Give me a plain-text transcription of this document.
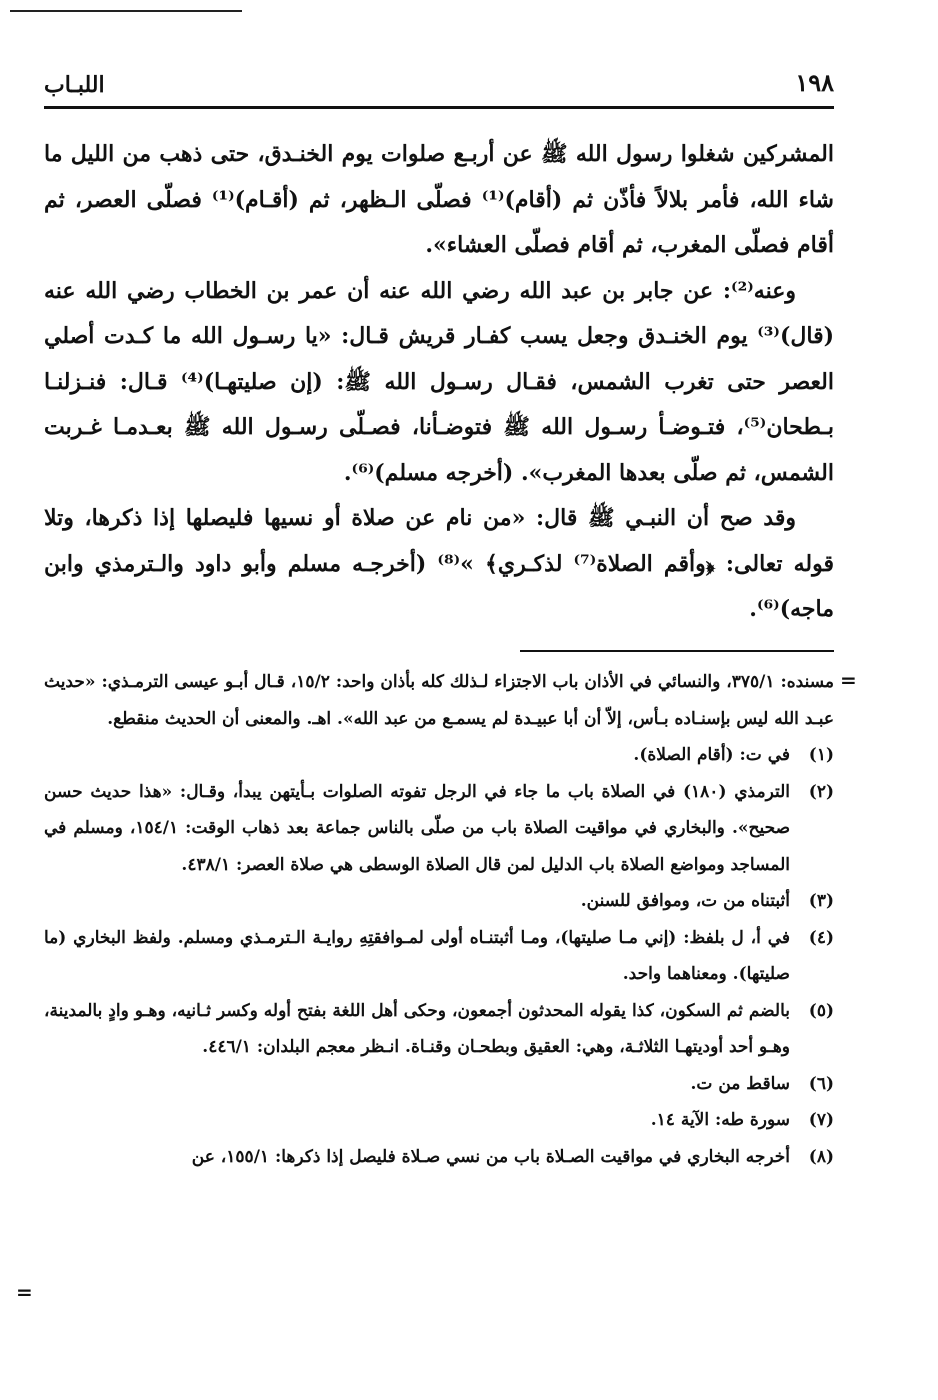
١٩٨
اللبـاب

المشركين شغلوا رسول الله ﷺ عن أربـع صلوات يوم الخنـدق، حتى ذهب من الليل ما شاء الله، فأمر بلالاً فأذّن ثم (أقام)⁽¹⁾ فصلّى الـظهر، ثم (أقـام)⁽¹⁾ فصلّى العصر، ثم أقام فصلّى المغرب، ثم أقام فصلّى العشاء».

وعنه⁽²⁾: عن جابر بن عبد الله رضي الله عنه أن عمر بن الخطاب رضي الله عنه (قال)⁽³⁾ يوم الخنـدق وجعل يسب كفـار قريش قـال: «يا رسـول الله ما كـدت أصلي العصر حتى تغرب الشمس، فقـال رسـول الله ﷺ: (إن صليتهـا)⁽⁴⁾ قـال: فنـزلنـا بـطحان⁽⁵⁾، فتـوضـأ رسـول الله ﷺ فتوضـأنا، فصـلّى رسـول الله ﷺ بعـدمـا غـربت الشمس، ثم صلّى بعدها المغرب». (أخرجه مسلم)⁽⁶⁾.

وقد صح أن النبـي ﷺ قال: «من نام عن صلاة أو نسيها فليصلها إذا ذكرها، وتلا قوله تعالى: ﴿وأقم الصلاة⁽⁷⁾ لذكـري﴾ »⁽⁸⁾ (أخرجـه مسلم وأبو داود والـترمذي وابن ماجه)⁽⁶⁾.

=
مسنده: ٣٧٥/١، والنسائي في الأذان باب الاجتزاء لـذلك كله بأذان واحد: ١٥/٢، قـال أبـو عيسى الترمـذي: «حديث عبـد الله ليس بإسنـاده بـأس، إلاّ أن أبا عبيـدة لم يسمـع من عبد الله». اهـ. والمعنى أن الحديث منقطع.
(١)
في ت: (أقام الصلاة).
(٢)
الترمذي (١٨٠) في الصلاة باب ما جاء في الرجل تفوته الصلوات بـأيتهن يبدأ، وقـال: «هذا حديث حسن صحيح». والبخاري في مواقيت الصلاة باب من صلّى بالناس جماعة بعد ذهاب الوقت: ١٥٤/١، ومسلم في المساجد ومواضع الصلاة باب الدليل لمن قال الصلاة الوسطى هي صلاة العصر: ٤٣٨/١.
(٣)
أثبتناه من ت، وموافق للسنن.
(٤)
في أ، ل بلفظ: (إني مـا صليتها)، ومـا أثبتنـاه أولى لمـوافقتِهِ روايـة الـترمـذي ومسلم. ولفظ البخاري (ما صليتها). ومعناهما واحد.
(٥)
بالضم ثم السكون، كذا يقوله المحدثون أجمعون، وحكى أهل اللغة بفتح أوله وكسر ثـانيه، وهـو وادٍ بالمدينة، وهـو أحد أوديتهـا الثلاثـة، وهي: العقيق وبطحـان وقنـاة. انـظر معجم البلدان: ٤٤٦/١.
(٦)
ساقط من ت.
(٧)
سورة طه: الآية ١٤.
(٨)
أخرجه البخاري في مواقيت الصـلاة باب من نسي صـلاة فليصل إذا ذكرها: ١٥٥/١، عن
=
